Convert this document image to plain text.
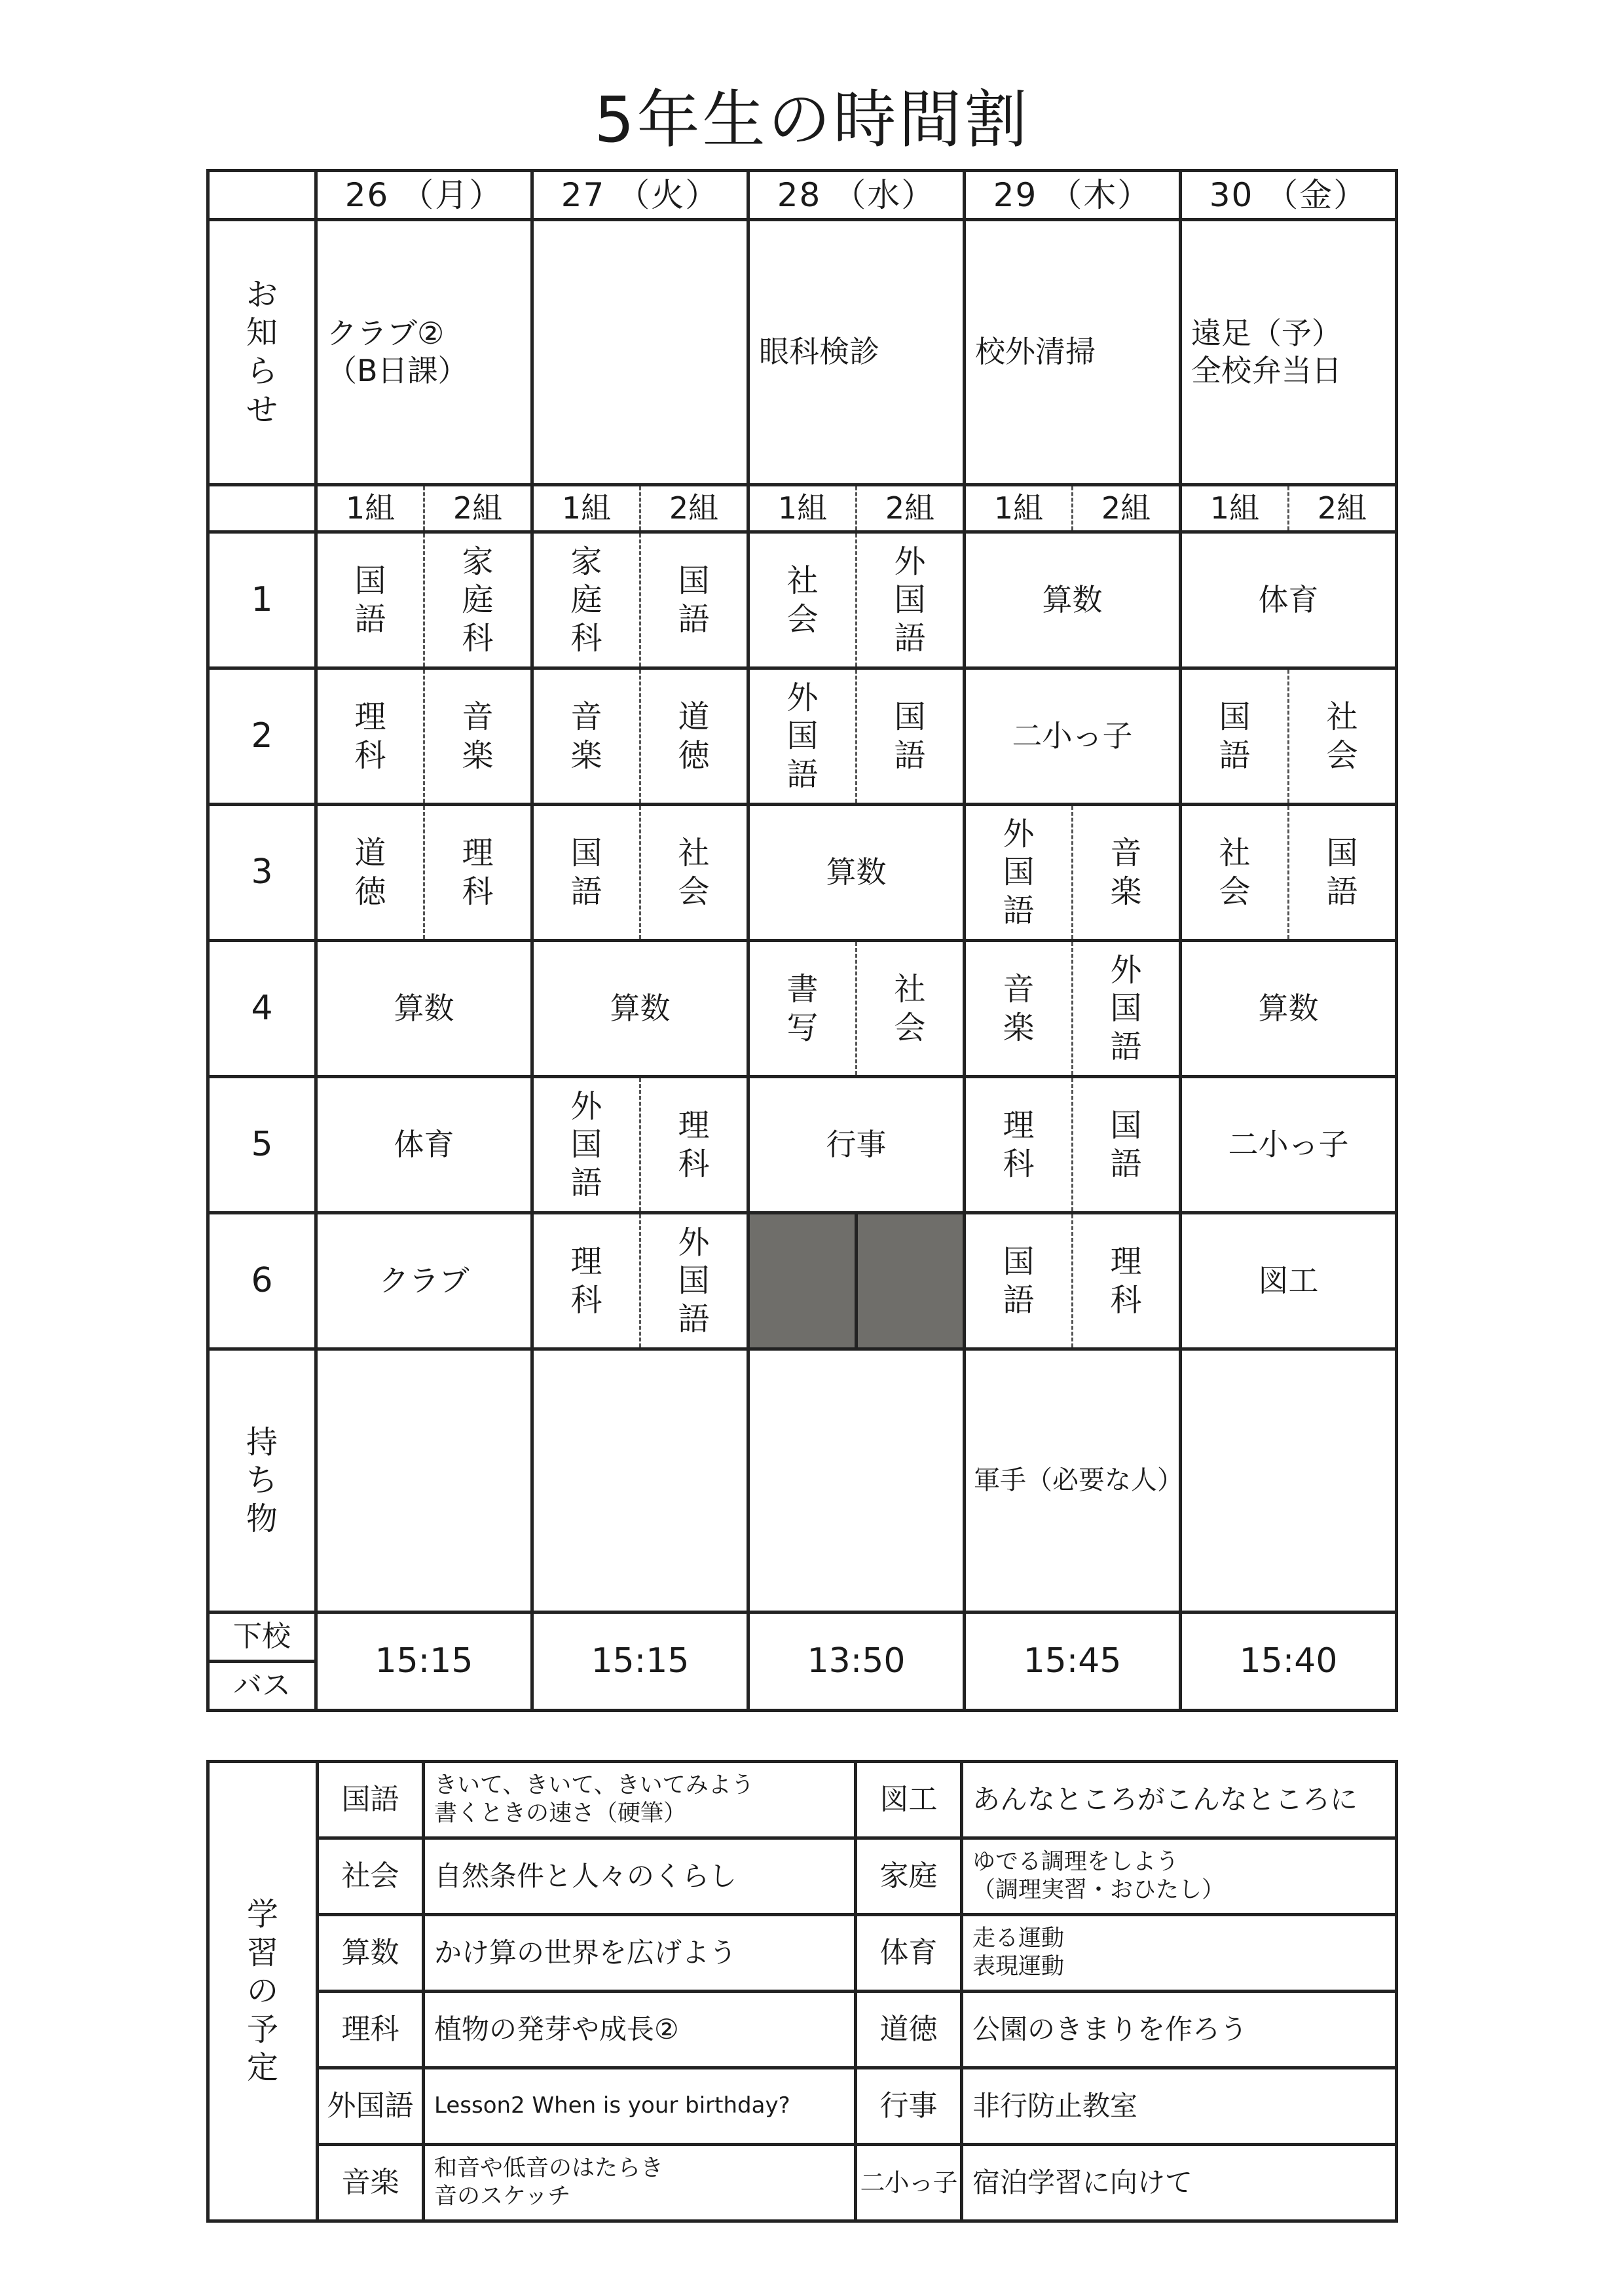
5年生の時間割
	26 （月）		27 （火）		28 （水）		29 （木）		30 （金）	
お知らせ	クラブ②
（B日課）				眼科検診		校外清掃		遠足（予）
全校弁当日	
	1組	2組	1組	2組	1組	2組	1組	2組	1組	2組
1	国語	家庭科	家庭科	国語	社会	外国語	算数		体育	
2	理科	音楽	音楽	道徳	外国語	国語	二小っ子		国語	社会
3	道徳	理科	国語	社会	算数		外国語	音楽	社会	国語
4	算数		算数		書写	社会	音楽	外国語	算数	
5	体育		外国語	理科	行事		理科	国語	二小っ子	
6	クラブ		理科	外国語			国語	理科	図工	
持ち物							軍手（必要な人）			
下校	15:15		15:15		13:50		15:45		15:40	
バス										
学習の予定	国語	きいて、きいて、きいてみよう
書くときの速さ（硬筆）	図工	あんなところがこんなところに
	社会	自然条件と人々のくらし	家庭	ゆでる調理をしよう
（調理実習・おひたし）
	算数	かけ算の世界を広げよう	体育	走る運動
表現運動
	理科	植物の発芽や成長②	道徳	公園のきまりを作ろう
	外国語	Lesson2 When is your birthday?	行事	非行防止教室
	音楽	和音や低音のはたらき
音のスケッチ	二小っ子	宿泊学習に向けて
